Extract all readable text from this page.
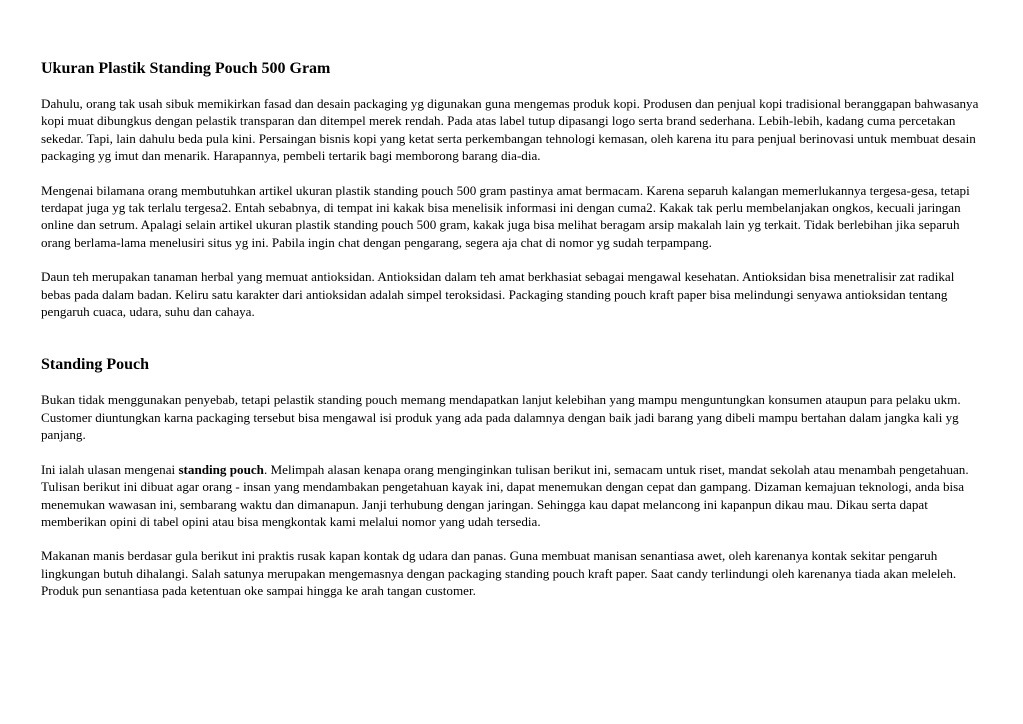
Ukuran Plastik Standing Pouch 500 Gram

Dahulu, orang tak usah sibuk memikirkan fasad dan desain packaging yg digunakan guna mengemas produk kopi. Produsen dan penjual kopi tradisional beranggapan bahwasanya kopi muat dibungkus dengan pelastik transparan dan ditempel merek rendah. Pada atas label tutup dipasangi logo serta brand sederhana. Lebih-lebih, kadang cuma percetakan sekedar. Tapi, lain dahulu beda pula kini. Persaingan bisnis kopi yang ketat serta perkembangan tehnologi kemasan, oleh karena itu para penjual berinovasi untuk membuat desain packaging yg imut dan menarik. Harapannya, pembeli tertarik bagi memborong barang dia-dia.

Mengenai bilamana orang membutuhkan artikel ukuran plastik standing pouch 500 gram pastinya amat bermacam. Karena separuh kalangan memerlukannya tergesa-gesa, tetapi terdapat juga yg tak terlalu tergesa2. Entah sebabnya, di tempat ini kakak bisa menelisik informasi ini dengan cuma2. Kakak tak perlu membelanjakan ongkos, kecuali jaringan online dan setrum. Apalagi selain artikel ukuran plastik standing pouch 500 gram, kakak juga bisa melihat beragam arsip makalah lain yg terkait. Tidak berlebihan jika separuh orang berlama-lama menelusiri situs yg ini. Pabila ingin chat dengan pengarang, segera aja chat di nomor yg sudah terpampang.

Daun teh merupakan tanaman herbal yang memuat antioksidan. Antioksidan dalam teh amat berkhasiat sebagai mengawal kesehatan. Antioksidan bisa menetralisir zat radikal bebas pada dalam badan. Keliru satu karakter dari antioksidan adalah simpel teroksidasi. Packaging standing pouch kraft paper bisa melindungi senyawa antioksidan tentang pengaruh cuaca, udara, suhu dan cahaya.

Standing Pouch

Bukan tidak menggunakan penyebab, tetapi pelastik standing pouch memang mendapatkan lanjut kelebihan yang mampu menguntungkan konsumen ataupun para pelaku ukm. Customer diuntungkan karna packaging tersebut bisa mengawal isi produk yang ada pada dalamnya dengan baik jadi barang yang dibeli mampu bertahan dalam jangka kali yg panjang.

Ini ialah ulasan mengenai standing pouch. Melimpah alasan kenapa orang menginginkan tulisan berikut ini, semacam untuk riset, mandat sekolah atau menambah pengetahuan. Tulisan berikut ini dibuat agar orang - insan yang mendambakan pengetahuan kayak ini, dapat menemukan dengan cepat dan gampang. Dizaman kemajuan teknologi, anda bisa menemukan wawasan ini, sembarang waktu dan dimanapun. Janji terhubung dengan jaringan. Sehingga kau dapat melancong ini kapanpun dikau mau. Dikau serta dapat memberikan opini di tabel opini atau bisa mengkontak kami melalui nomor yang udah tersedia.

Makanan manis berdasar gula berikut ini praktis rusak kapan kontak dg udara dan panas. Guna membuat manisan senantiasa awet, oleh karenanya kontak sekitar pengaruh lingkungan butuh dihalangi. Salah satunya merupakan mengemasnya dengan packaging standing pouch kraft paper. Saat candy terlindungi oleh karenanya tiada akan meleleh. Produk pun senantiasa pada ketentuan oke sampai hingga ke arah tangan customer.
